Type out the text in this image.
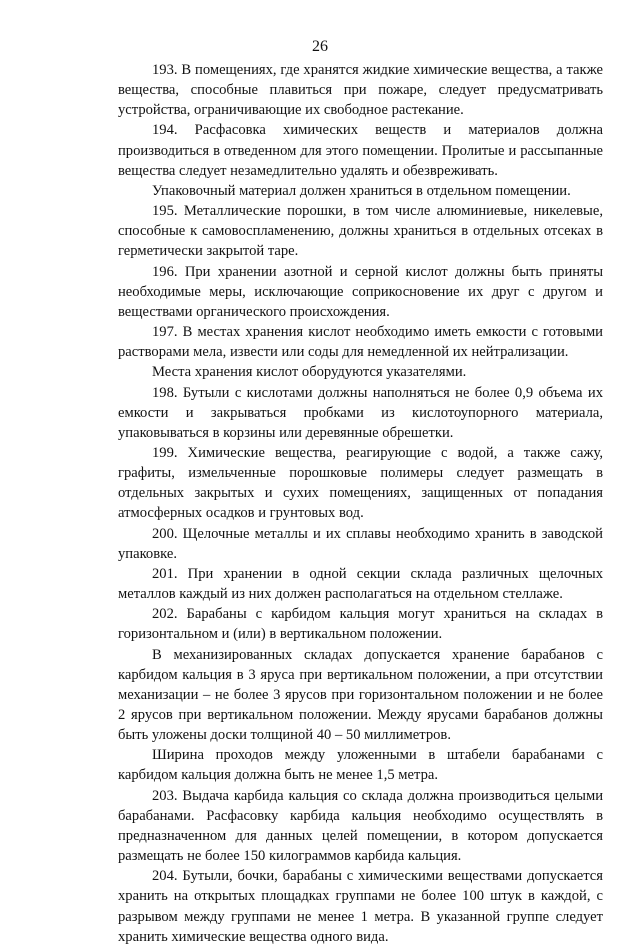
26

193. В помещениях, где хранятся жидкие химические вещества, а также вещества, способные плавиться при пожаре, следует предусматривать устройства, ограничивающие их свободное растекание.

194. Расфасовка химических веществ и материалов должна производиться в отведенном для этого помещении. Пролитые и рассыпанные вещества следует незамедлительно удалять и обезвреживать.

Упаковочный материал должен храниться в отдельном помещении.

195. Металлические порошки, в том числе алюминиевые, никелевые, способные к самовоспламенению, должны храниться в отдельных отсеках в герметически закрытой таре.

196. При хранении азотной и серной кислот должны быть приняты необходимые меры, исключающие соприкосновение их друг с другом и веществами органического происхождения.

197. В местах хранения кислот необходимо иметь емкости с готовыми растворами мела, извести или соды для немедленной их нейтрализации.

Места хранения кислот оборудуются указателями.

198. Бутыли с кислотами должны наполняться не более 0,9 объема их емкости и закрываться пробками из кислотоупорного материала, упаковываться в корзины или деревянные обрешетки.

199. Химические вещества, реагирующие с водой, а также сажу, графиты, измельченные порошковые полимеры следует размещать в отдельных закрытых и сухих помещениях, защищенных от попадания атмосферных осадков и грунтовых вод.

200. Щелочные металлы и их сплавы необходимо хранить в заводской упаковке.

201. При хранении в одной секции склада различных щелочных металлов каждый из них должен располагаться на отдельном стеллаже.

202. Барабаны с карбидом кальция могут храниться на складах в горизонтальном и (или) в вертикальном положении.

В механизированных складах допускается хранение барабанов с карбидом кальция в 3 яруса при вертикальном положении, а при отсутствии механизации – не более 3 ярусов при горизонтальном положении и не более 2 ярусов при вертикальном положении. Между ярусами барабанов должны быть уложены доски толщиной 40 – 50 миллиметров.

Ширина проходов между уложенными в штабели барабанами с карбидом кальция должна быть не менее 1,5 метра.

203. Выдача карбида кальция со склада должна производиться целыми барабанами. Расфасовку карбида кальция необходимо осуществлять в предназначенном для данных целей помещении, в котором допускается размещать не более 150 килограммов карбида кальция.

204. Бутыли, бочки, барабаны с химическими веществами допускается хранить на открытых площадках группами не более 100 штук в каждой, с разрывом между группами не менее 1 метра. В указанной группе следует хранить химические вещества одного вида.
